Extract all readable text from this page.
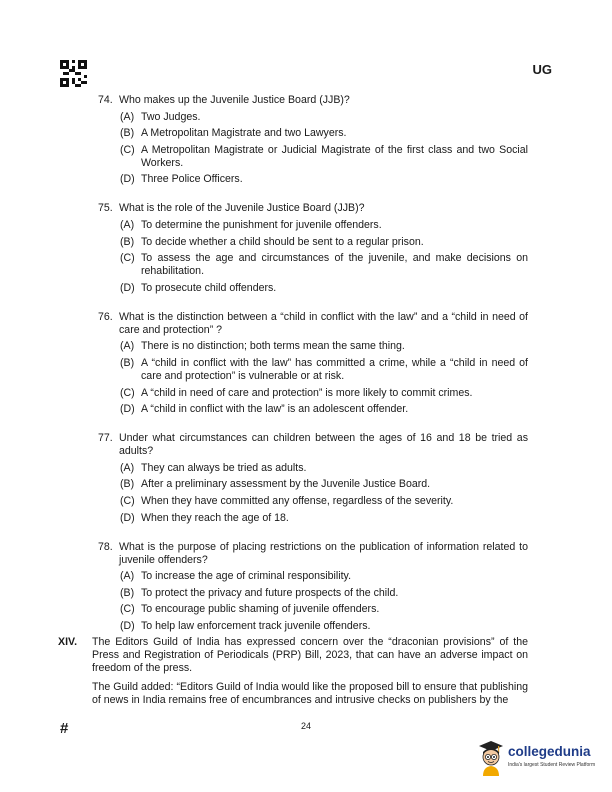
UG
74. Who makes up the Juvenile Justice Board (JJB)?
(A) Two Judges.
(B) A Metropolitan Magistrate and two Lawyers.
(C) A Metropolitan Magistrate or Judicial Magistrate of the first class and two Social Workers.
(D) Three Police Officers.
75. What is the role of the Juvenile Justice Board (JJB)?
(A) To determine the punishment for juvenile offenders.
(B) To decide whether a child should be sent to a regular prison.
(C) To assess the age and circumstances of the juvenile, and make decisions on rehabilitation.
(D) To prosecute child offenders.
76. What is the distinction between a “child in conflict with the law” and a “child in need of care and protection” ?
(A) There is no distinction; both terms mean the same thing.
(B) A “child in conflict with the law” has committed a crime, while a “child in need of care and protection” is vulnerable or at risk.
(C) A “child in need of care and protection” is more likely to commit crimes.
(D) A “child in conflict with the law” is an adolescent offender.
77. Under what circumstances can children between the ages of 16 and 18 be tried as adults?
(A) They can always be tried as adults.
(B) After a preliminary assessment by the Juvenile Justice Board.
(C) When they have committed any offense, regardless of the severity.
(D) When they reach the age of 18.
78. What is the purpose of placing restrictions on the publication of information related to juvenile offenders?
(A) To increase the age of criminal responsibility.
(B) To protect the privacy and future prospects of the child.
(C) To encourage public shaming of juvenile offenders.
(D) To help law enforcement track juvenile offenders.
XIV.	The Editors Guild of India has expressed concern over the “draconian provisions” of the Press and Registration of Periodicals (PRP) Bill, 2023, that can have an adverse impact on freedom of the press.

The Guild added: “Editors Guild of India would like the proposed bill to ensure that publishing of news in India remains free of encumbrances and intrusive checks on publishers by the

#	24
collegedunia
India's largest Student Review Platform
